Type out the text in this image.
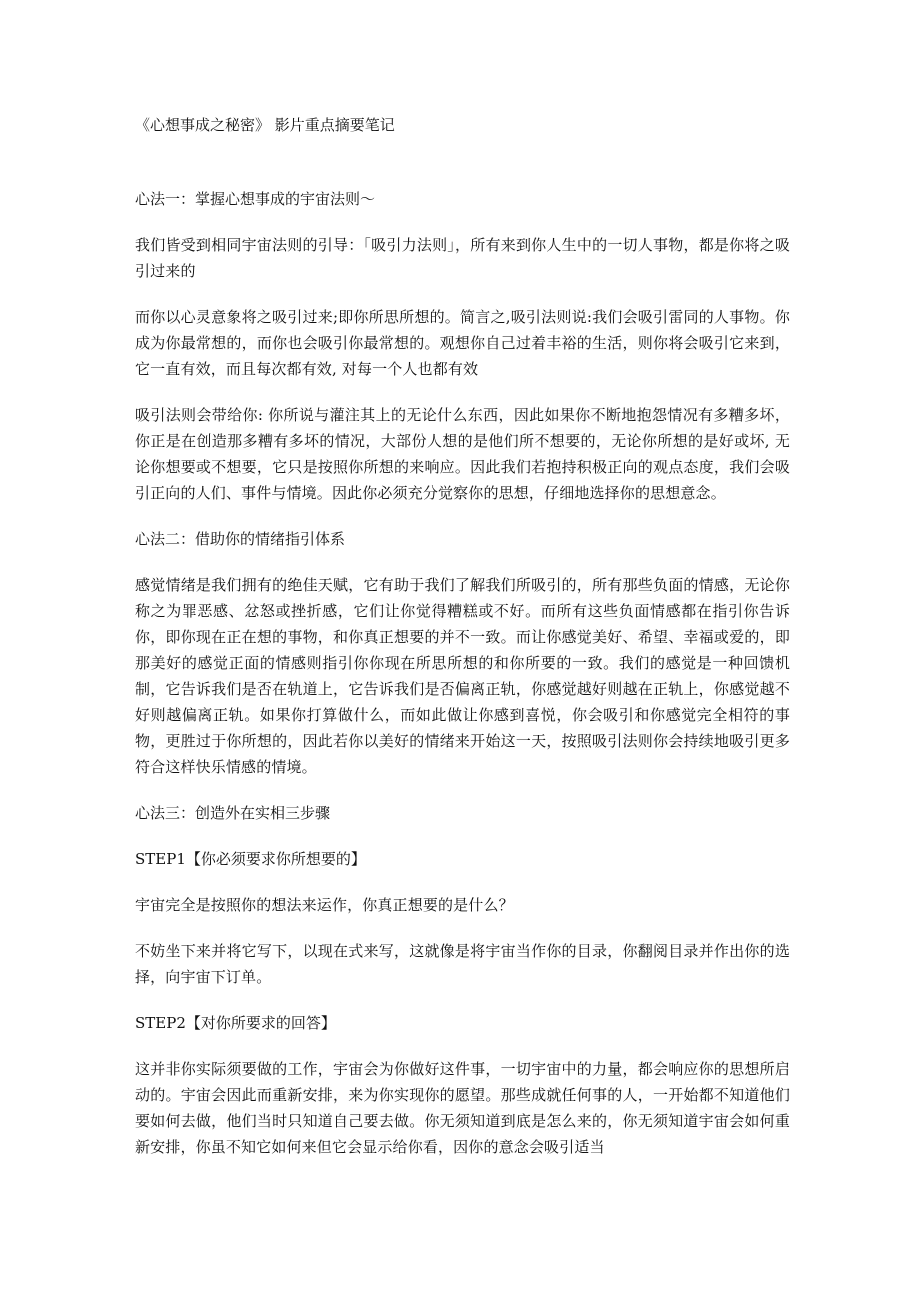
《心想事成之秘密》 影片重点摘要笔记
心法一：掌握心想事成的宇宙法则～

我们皆受到相同宇宙法则的引导：「吸引力法则」，所有来到你人生中的一切人事物，都是你将之吸引过来的

而你以心灵意象将之吸引过来;即你所思所想的。简言之,吸引法则说:我们会吸引雷同的人事物。你成为你最常想的，而你也会吸引你最常想的。观想你自己过着丰裕的生活，则你将会吸引它来到，它一直有效，而且每次都有效, 对每一个人也都有效

吸引法则会带给你: 你所说与灌注其上的无论什么东西，因此如果你不断地抱怨情况有多糟多坏，你正是在创造那多糟有多坏的情况，大部份人想的是他们所不想要的，无论你所想的是好或坏, 无论你想要或不想要，它只是按照你所想的来响应。因此我们若抱持积极正向的观点态度，我们会吸引正向的人们、事件与情境。因此你必须充分觉察你的思想，仔细地选择你的思想意念。

心法二：借助你的情绪指引体系

感觉情绪是我们拥有的绝佳天赋，它有助于我们了解我们所吸引的，所有那些负面的情感，无论你称之为罪恶感、忿怒或挫折感，它们让你觉得糟糕或不好。而所有这些负面情感都在指引你告诉你，即你现在正在想的事物，和你真正想要的并不一致。而让你感觉美好、希望、幸福或爱的，即那美好的感觉正面的情感则指引你你现在所思所想的和你所要的一致。我们的感觉是一种回馈机制，它告诉我们是否在轨道上，它告诉我们是否偏离正轨，你感觉越好则越在正轨上，你感觉越不好则越偏离正轨。如果你打算做什么，而如此做让你感到喜悦，你会吸引和你感觉完全相符的事物，更胜过于你所想的，因此若你以美好的情绪来开始这一天，按照吸引法则你会持续地吸引更多符合这样快乐情感的情境。

心法三：创造外在实相三步骤
STEP1【你必须要求你所想要的】

宇宙完全是按照你的想法来运作，你真正想要的是什么？

不妨坐下来并将它写下，以现在式来写，这就像是将宇宙当作你的目录，你翻阅目录并作出你的选择，向宇宙下订单。

STEP2【对你所要求的回答】

这并非你实际须要做的工作，宇宙会为你做好这件事，一切宇宙中的力量，都会响应你的思想所启动的。宇宙会因此而重新安排，来为你实现你的愿望。那些成就任何事的人，一开始都不知道他们要如何去做，他们当时只知道自己要去做。你无须知道到底是怎么来的，你无须知道宇宙会如何重新安排，你虽不知它如何来但它会显示给你看，因你的意念会吸引适当
